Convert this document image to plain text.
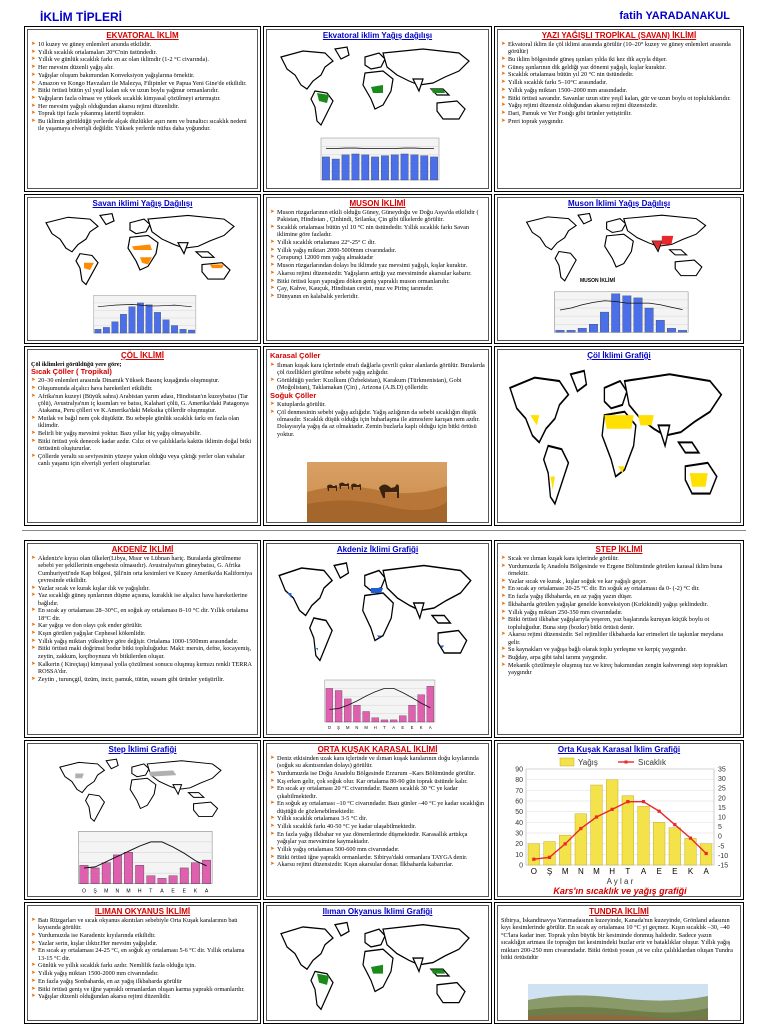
İKLİM TİPLERİ	fatih YARADANAKUL
EKVATORAL İKLİM
➤ 10 kuzey ve güney enlemleri arsında etkilidir.
➤ Yıllık sıcaklık ortalamaları 20°C'nin üstündedir.
➤ Yıllık ve günlük sıcaklık farkı en az olan iklimdir (1-2 °C civarında).
➤ Her mevsim düzenli yağış alır.
➤ Yağışlar oluşum bakımından Konveksiyon yağışlarına örnektir.
➤ Amazon ve Kongo Havzaları ile Malezya, Filipinler ve Papua Yeni Gine'de etkilidir.
➤ Bitki örtüsü bütün yıl yeşil kalan sık ve uzun boylu yağmur ormanlarıdır.
➤ Yağışların fazla olması ve yüksek sıcaklık kimyasal çözülmeyi artırmıştır.
➤ Her mevsim yağışlı olduğundan akarsu rejimi düzenlidir.
➤ Toprak tipi fazla yıkanmış lateritl topraktır.
➤ Bu iklimin görüldüğü yerlerde alçak düzlükler aşırı nem ve bunaltıcı sıcaklık nedeni ile yaşamaya elverişli değildir. Yüksek yerlerde nüfus daha yoğundur.
Ekvatoral iklim Yağış dağılışı	YAZI YAĞIŞLI TROPİKAL (SAVAN) İKLİMİ
➤ Ekvatoral iklim ile çöl iklimi arasında görülür (10–20° kuzey ve güney enlemleri arasında görülür)
➤ Bu iklim bölgesinde güneş ışınları yılda iki kez dik açıyla düşer.
➤ Güneş ışınlarının dik geldiği yaz dönemi yağışlı, kışlar kuraktır.
➤ Sıcaklık ortalaması bütün yıl 20 °C nin üstündedir.
➤ Yıllık sıcaklık farkı 5–10°C arasındadır.
➤ Yıllık yağış miktarı 1500–2000 mm arasındadır.
➤ Bitki örtüsü savandır. Savanlar uzun süre yeşil kalan, gür ve uzun boylu ot topluluklarıdır.
➤ Yağış rejimi düzensiz olduğundan akarsu rejimi düzensizdir.
➤ Dari, Pamuk ve Yer Fıstığı gibi ürünler yetiştirilir.
➤ Preri toprak yaygındır.
Savan iklimi Yağış Dağılışı	MUSON İKLİMİ
➤ Muson rüzgarlarının etkili olduğu Güney, Güneydoğu ve Doğu Asya'da etkilidir ( Pakistan, Hindistan , Çinhindi, Srilanka, Çin gibi ülkelerde görülür.
➤ Sıcaklık ortalaması bütün yıl 10 °C nin üstündedir. Yıllık sıcaklık farkı Savan iklimine göre fazladır.
➤ Yıllık sıcaklık ortalaması 22°-25° C dir.
➤ Yıllık yağış miktarı 2000-5000mm civarındadır.
➤ Çerapunçi 12000 mm yağış almaktadır
➤ Muson rüzgarlarından dolayı bu iklimde yaz mevsimi yağışlı, kışlar kuraktır.
➤ Akarsu rejimi düzensizdir. Yağışların arttığı yaz mevsiminde akarsular kabarır.
➤ Bitki örtüsü kışın yaprağını döken geniş yapraklı muson ormanlarıdır.
➤ Çay, Kahve, Kauçuk, Hindistan cevizi, muz ve Pirinç tarımıdır.
➤ Dünyanın en kalabalık yerleridir.
Muson İklimi Yağış Dağılışı
MUSON İKLİMİ
ÇÖL İKLİMİ
Çöl iklimleri görüldüğü yere göre;
Sıcak Çöller ( Tropikal)
➤ 20–30 enlemleri arasında Dinamik Yüksek Basınç kuşağında oluşmuştur.
➤ Oluşumunda alçalıcı hava hareketleri etkilidir.
➤ Afrika'nın kuzeyi (Büyük sahra) Arabistan yarım adası, Hindistan'ın kuzeybatısı (Tar çölü), Avustralya'nın iç kısımları ve batısı, Kalahari çölü, G. Amerika'daki Patagonya Atakama, Peru çölleri ve K.Amerika'daki Meksika çöllerdir oluşmuştur.
➤ Mutlak ve bağıl nem çok düşüktür. Bu sebeple günlük sıcaklık farkı en fazla olan iklimdir.
➤ Belirli bir yağış mevsimi yoktur. Bazı yıllar hiç yağış olmayabilir.
➤ Bitki örtüsü yok denecek kadar azdır. Cılız ot ve çalılıklarla kaktüs iklimin doğal bitki örtüsünü oluştururlar.
➤ Çöllerde yeraltı su seviyesinin yüzeye yakın olduğu veya çıktığı yerler olan vahalar canlı yaşamı için elverişli yerleri oluştururlar.
Karasal Çöller
➤ Ilıman kuşak kara içlerinde etrafı dağlarla çevrili çukur alanlarda görülür. Buralarda çöl özellikleri görülme sebebi yağış azlığıdır.
➤ Görüldüğü yerler: Kızılkum (Özbekistan), Karakum (Türkmenistan), Gobi (Moğolistan), Taklamakan (Çin) , Arizona (A.B.D) çölleridir.
Soğuk Çöller
➤ Kutuplarda görülür.
➤ Çöl denmesinin sebebi yağış azlığıdır. Yağış azlığının da sebebi sıcaklığın düşük olmasıdır. Sıcaklık düşük olduğu için buharlaşma ile atmosfere karışan nem azdır. Dolayısıyla yağış da az olmaktadır. Zemin buzlarla kaplı olduğu için bitki örtüsü yoktur.
Çöl İklimi Grafiği
AKDENİZ İKLİMİ
➤ Akdeniz'e kıyısı olan ülkeler(Libya, Mısır ve Lübnan hariç. Buralarda görülmeme sebebi yer şekillerinin engebesiz olmasıdır). Avustralya'nın güneybatısı, G. Afrika Cumhuriyeti'nde Kap bölgesi, Şili'nin orta kesimleri ve Kuzey Amerika'da Kaliforniya çevresinde etkilidir.
➤ Yazlar sıcak ve kurak kışlar ılık ve yağışlıdır.
➤ Yaz sıcaklığı güneş ışınlarının düşme açısına, kuraklık ise alçalıcı hava hareketlerine bağlıdır.
➤ En sıcak ay ortalaması 28–30°C, en soğuk ay ortalaması 8–10 °C dir. Yıllık ortalama 18°C dir.
➤ Kar yağışı ve don olayı çok ender görülür.
➤ Kışın görülen yağışlar Cephesel kökenlidir.
➤ Yıllık yağış miktarı yükseltiye göre değişir. Ortalama 1000-1500mm arasındadır.
➤ Bitki örtüsü maki doğrimsi bodur bitki topluluğudur. Maki: mersin, defne, kocayemiş, zeytin, zakkum, keçiboynuzu vb bitkilerden oluşur.
➤ Kalkerin ( Kireçtaşı) kimyasal yolla çözülmesi sonucu oluşmuş kırmızı renkli TERRA ROSSA'dır.
➤ Zeytin , turunçgil, üzüm, incir, pamuk, tütün, susam gibi ürünler yetiştirilir.
Akdeniz İklimi Grafiği
O Ş M N M H T A E E K A
STEP İKLİMİ
➤ Sıcak ve ılıman kuşak kara içlerinde görülür.
➤ Yurdumuzda İç Anadolu Bölgesinde ve Ergene Bölümünde görülen karasal iklim buna örnektir.
➤ Yazlar sıcak ve kurak , kışlar soğuk ve kar yağışlı geçer.
➤ En sıcak ay ortalaması 20-25 °C dir. En soğuk ay ortalaması da 0- (-2) °C dir.
➤ En fazla yağış ilkbaharda, en az yağış yazın düşer.
➤ İlkbaharda görülen yağışlar genelde konveksiyon (Kırkikindi) yağışı şeklindedir.
➤ Yıllık yağış miktarı 250-350 mm civarındadır.
➤ Bitki örtüsü ilkbahar yağışlarıyla yeşeren, yaz başlarında kuruyan küçük boylu ot topluluğudur. Buna step (bozkır) bitki örtüsü denir.
➤ Akarsu rejimi düzensizdir. Sel rejimliler ilkbaharda kar erimeleri ile taşkınlar meydana gelir.
➤ Su kaynakları ve yağışa bağlı olarak toplu yerleşme ve kerpiç yaygındır.
➤ Buğday, arpa gibi tahıl tarımı yaygındır.
➤ Mekanik çözülmeyle oluşmuş tuz ve kireç bakımından zengin kahverengi step toprakları yaygındır
Step İklimi Grafiği
O Ş M N M H T A E E K A
ORTA KUŞAK KARASAL İKLİMİ
➤ Deniz etkisinden uzak kara içlerinde ve ılıman kuşak karalarının doğu kıyılarında (soğuk su akıntısından dolayı) görülür.
➤ Yurdumuzda ise Doğu Anadolu Bölgesinde Erzurum –Kars Bölümünde görülür.
➤ Kış erken gelir, çok soğuk olur. Kar ortalama 80-90 gün toprak üstünde kalır.
➤ En sıcak ay ortalaması 20 °C civarındadır. Bazen sıcaklık 30 °C ye kadar çıkabilmektedir.
➤ En soğuk ay ortalaması –10 °C civarındadır. Bazı günler –40 °C ye kadar sıcaklığın düştüğü de gözlenebilmektedir.
➤ Yıllık sıcaklık ortalaması 3-5 °C dir.
➤ Yıllık sıcaklık farkı 40-50 °C ye kadar ulaşabilmektedir.
➤ En fazla yağış ilkbahar ve yaz dönemlerinde düşmektedir. Karasallık arttıkça yağışlar yaz mevsimine kaymaktadır.
➤ Yıllık yağış ortalaması 500-600 mm civarındadır.
➤ Bitki örtüsü iğne yapraklı ormanlardır. Sibirya'daki ormanlara TAYGA denir.
➤ Akarsu rejimi düzensizdir. Kışın akarsular donar. İlkbaharda kabarırlar.
Orta Kuşak Karasal İklim Grafiği
0
10
20
30
40
50
60
70
80
90
-15
-10
-5
0
5
10
15
20
25
30
35
O Ş M N M H T A E E K A
A y l a r
Yağış	Sıcaklık
Kars'ın sıcaklık ve yağış grafiği
ILIMAN OKYANUS İKLİMİ
➤ Batı Rüzgarları ve sıcak okyanus akıntıları sebebiyle Orta Kuşak karalarının batı kıyısında görülür.
➤ Yurdumuzda ise Karadeniz kıyılarında etkilidir.
➤ Yazlar serin, kışlar ılıktır.Her mevsim yağışlıdır.
➤ En sıcak ay ortalaması 24-25 °C, en soğuk ay ortalaması 5-6 °C dir. Yıllık ortalama 13-15 °C dir.
➤ Günlük ve yıllık sıcaklık farkı azdır. Nemlilik fazla olduğu için.
➤ Yıllık yağış miktarı 1500-2000 mm civarındadır.
➤ En fazla yağış Sonbaharda, en az yağış ilkbaharda görülür
➤ Bitki örtüsü geniş ve iğne yapraklı ormanlardan oluşan karma yapraklı ormanlardır.
➤ Yağışlar düzenli olduğundan akarsu rejimi düzenlidir.
Ilıman Okyanus İklimi Grafiği	TUNDRA İKLİMİ
Sibirya, İskandinavya Yarımadasının kuzeyinde, Kanada'nın kuzeyinde, Grönland adasının kıyı kesimlerinde görülür. En sıcak ay ortalaması 10 °C yi geçmez. Kışın sıcaklık –30, –40 °C'lara kadar iner. Toprak yılın büyük bir kesiminde donmuş haldedir. Sadece yazın sıcaklığın artması ile toprağın üst kesimindeki buzlar erir ve bataklıklar oluşur. Yıllık yağış miktarı 200-250 mm civarındadır. Bitki örtüsü yosun ,ot ve cılız çalılıklardan oluşan Tundra bitki örtüsüdür
